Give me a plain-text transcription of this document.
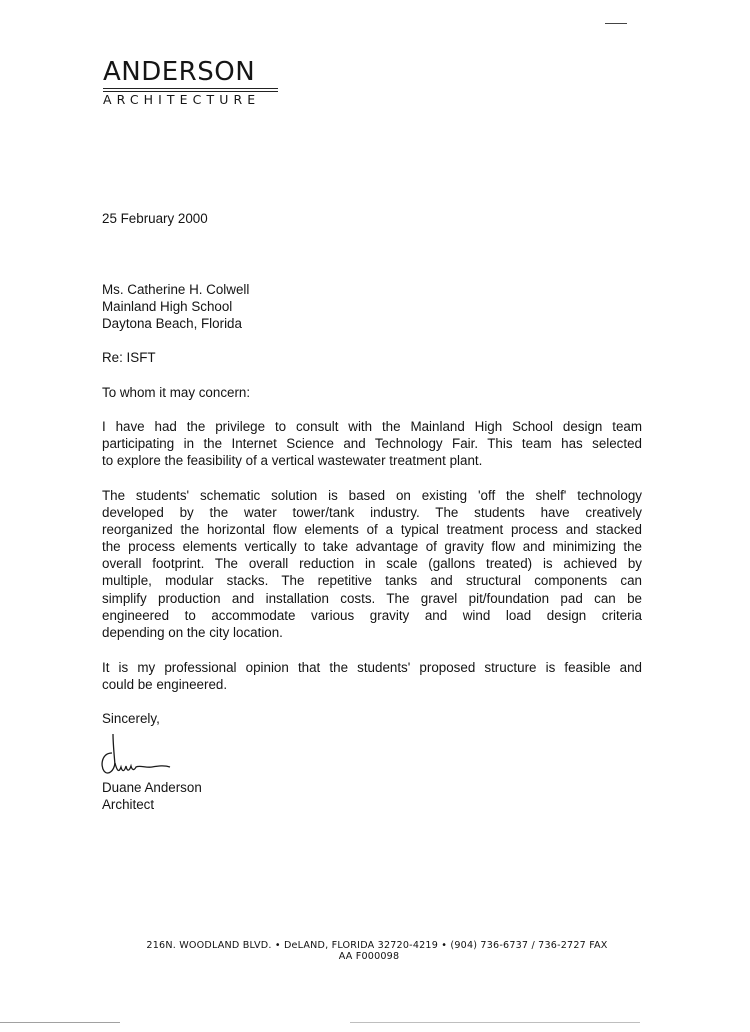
ANDERSON
ARCHITECTURE
25 February 2000
Ms. Catherine H. Colwell
Mainland High School
Daytona Beach, Florida
Re: ISFT
To whom it may concern:
I have had the privilege to consult with the Mainland High School design team
participating in the Internet Science and Technology Fair. This team has selected
to explore the feasibility of a vertical wastewater treatment plant.
The students' schematic solution is based on existing 'off the shelf' technology
developed by the water tower/tank industry. The students have creatively
reorganized the horizontal flow elements of a typical treatment process and stacked
the process elements vertically to take advantage of gravity flow and minimizing the
overall footprint. The overall reduction in scale (gallons treated) is achieved by
multiple, modular stacks. The repetitive tanks and structural components can
simplify production and installation costs. The gravel pit/foundation pad can be
engineered to accommodate various gravity and wind load design criteria
depending on the city location.
It is my professional opinion that the students' proposed structure is feasible and
could be engineered.
Sincerely,
Duane Anderson
Architect
216N. WOODLAND BLVD. • DeLAND, FLORIDA 32720-4219 • (904) 736-6737 / 736-2727 FAX
AA F000098
